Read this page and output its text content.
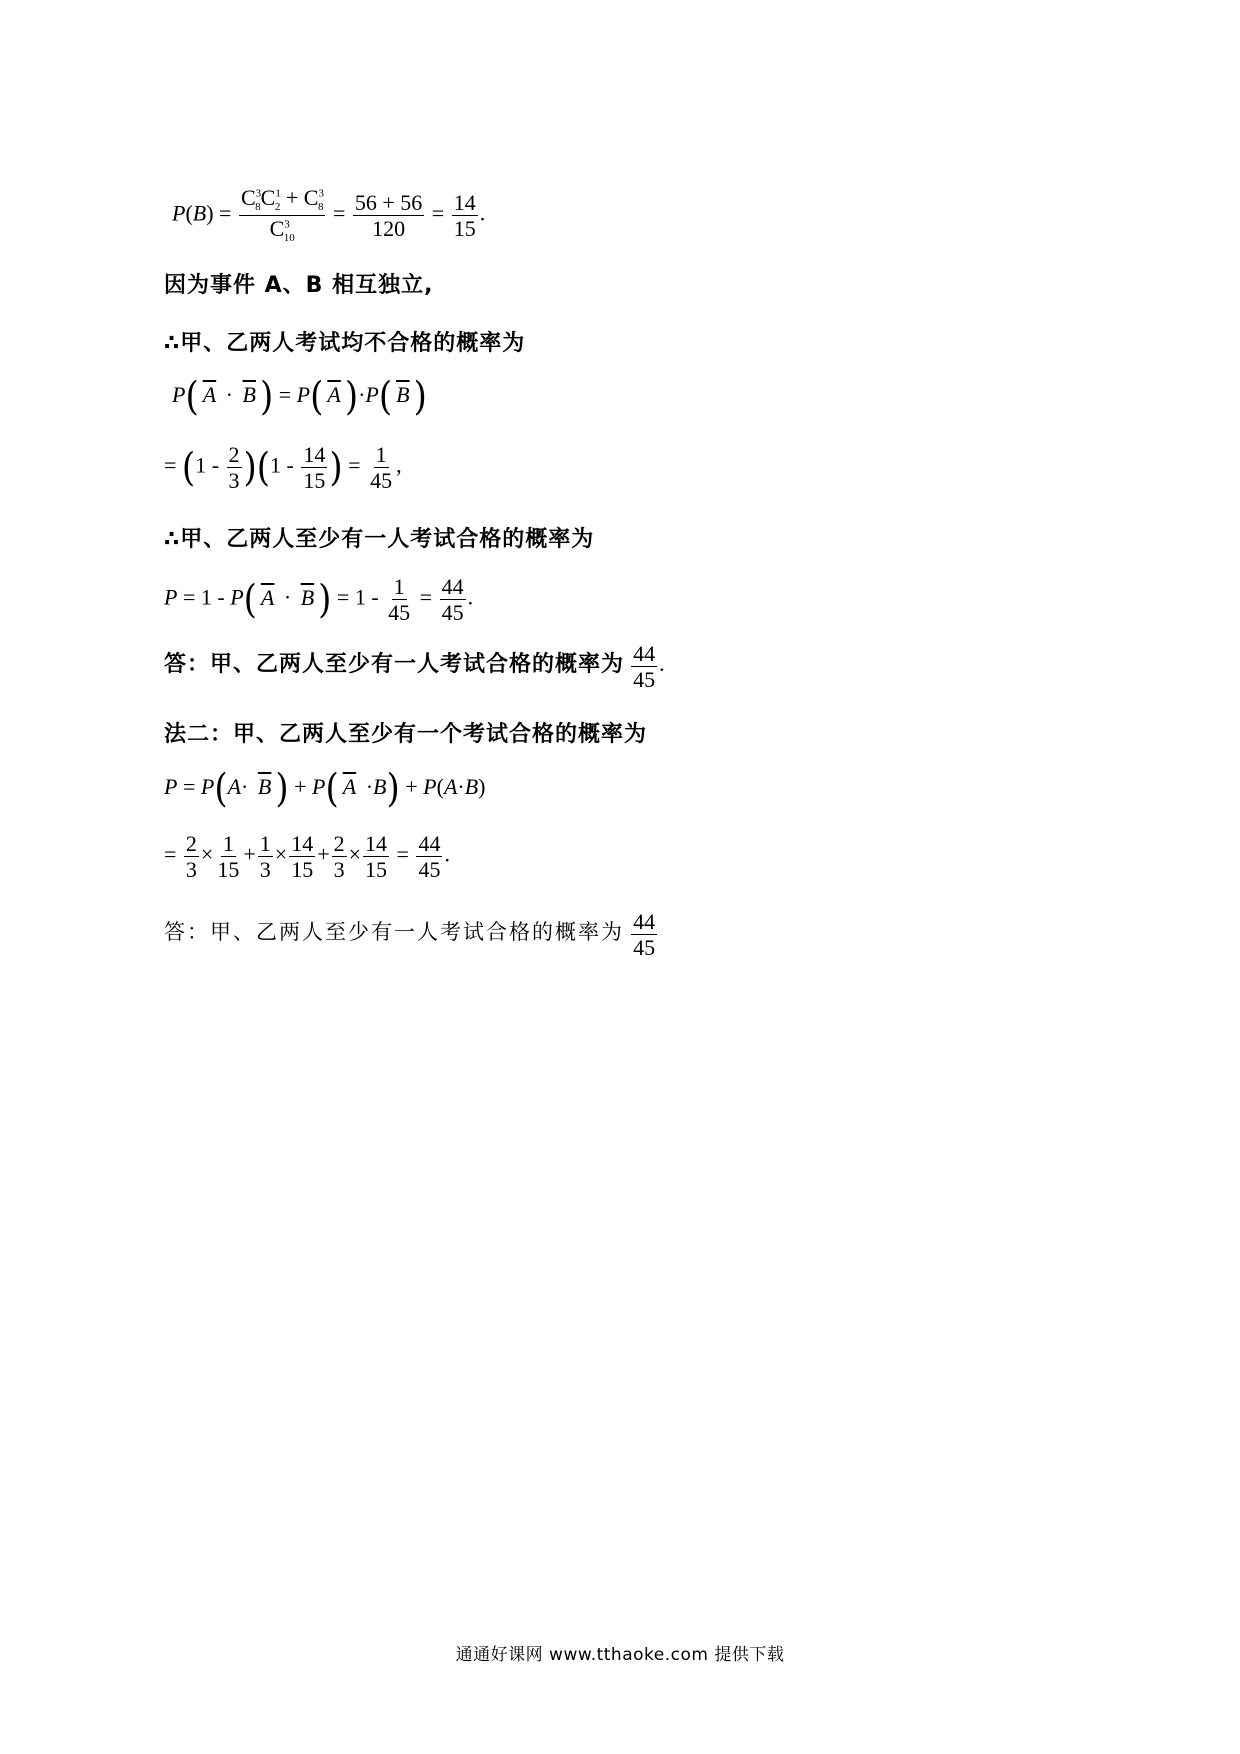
$P(B) = \frac{C^3_8C^1_2 + C^3_8}{C^3_{10}} = \frac{56 + 56}{120} = \frac{14}{15}$ .
因为事件 A、B 相互独立,
∴甲、乙两人考试均不合格的概率为
P( $\overline{A} \cdot \overline{B}$ ) = P( $\overline{A}$ )·P( $\overline{B}$ )
= $(1 - \frac{2}{3} )(1 - \frac{14}{15}$ ) = $\frac{1}{45}$ ,
∴甲、乙两人至少有一人考试合格的概率为
P = 1 - P( $\overline{A} \cdot \overline{B}$ ) = $1 - \frac{1}{45} = \frac{44}{45}$ .
答：甲、乙两人至少有一人考试合格的概率为 $\frac{44}{45}$ .
法二：甲、乙两人至少有一个考试合格的概率为
$P = P(A\cdot \overline{B}$ ) + P( $\overline{A} \cdot B) + P(A\cdot B)$
= $\frac{2}{3} \times \frac{1}{15} + \frac{1}{3} \times \frac{14}{15} + \frac{2}{3} \times \frac{14}{15} = \frac{44}{45}$ .
答：甲、乙两人至少有一人考试合格的概率为 $\frac{44}{45}$
通通好课网 www.tthaoke.com 提供下载
